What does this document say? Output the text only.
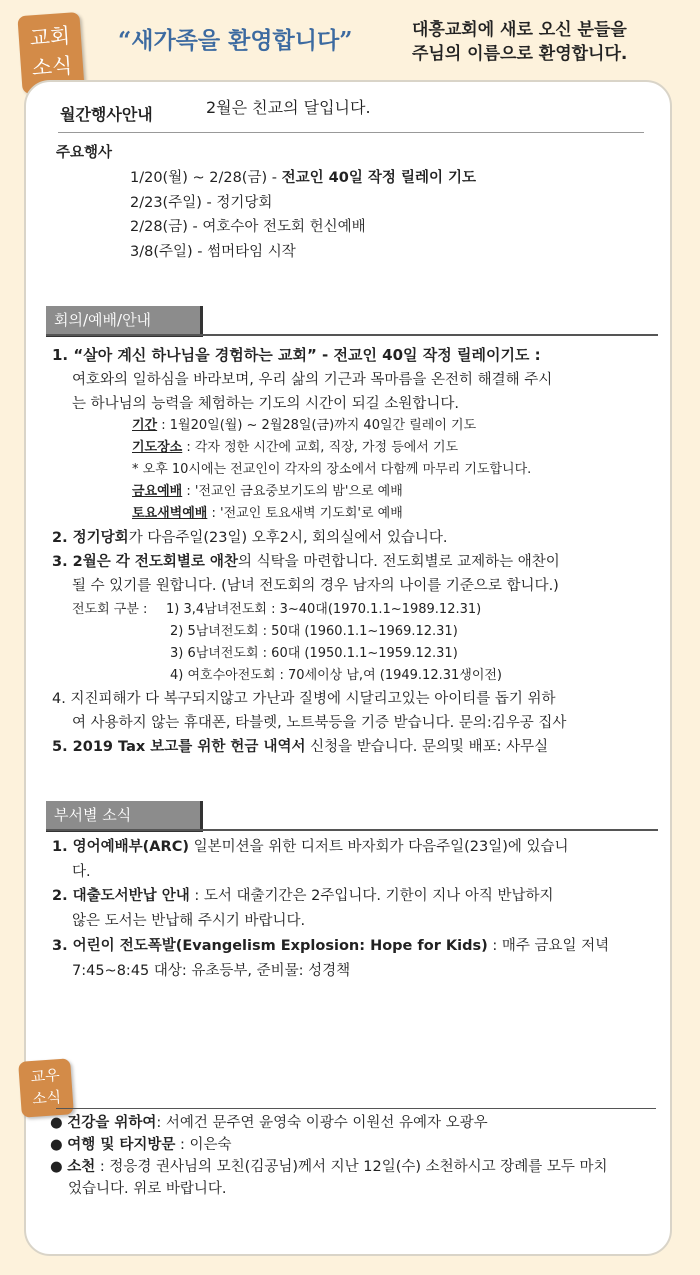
교회
소식
“새가족을 환영합니다”	대흥교회에 새로 오신 분들을
주님의 이름으로 환영합니다.
월간행사안내	2월은 친교의 달입니다.
주요행사
1/20(월) ~ 2/28(금) - 전교인 40일 작정 릴레이 기도
2/23(주일) - 정기당회
2/28(금) - 여호수아 전도회 헌신예배
3/8(주일) - 썸머타임 시작
회의/예배/안내
1. “살아 계신 하나님을 경험하는 교회” - 전교인 40일 작정 릴레이기도 :
여호와의 일하심을 바라보며, 우리 삶의 기근과 목마름을 온전히 해결해 주시
는 하나님의 능력을 체험하는 기도의 시간이 되길 소원합니다.
기간 : 1월20일(월) ~ 2월28일(금)까지 40일간 릴레이 기도
기도장소 : 각자 정한 시간에 교회, 직장, 가정 등에서 기도
* 오후 10시에는 전교인이 각자의 장소에서 다함께 마무리 기도합니다.
금요예배 : '전교인 금요중보기도의 밤'으로 예배
토요새벽예배 : '전교인 토요새벽 기도회'로 예배
2. 정기당회가 다음주일(23일) 오후2시, 회의실에서 있습니다.
3. 2월은 각 전도회별로 애찬의 식탁을 마련합니다. 전도회별로 교제하는 애찬이
될 수 있기를 원합니다. (남녀 전도회의 경우 남자의 나이를 기준으로 합니다.)
전도회 구분 : 1) 3,4남녀전도회 : 3~40대(1970.1.1~1989.12.31)
2) 5남녀전도회 : 50대 (1960.1.1~1969.12.31)
3) 6남녀전도회 : 60대 (1950.1.1~1959.12.31)
4) 여호수아전도회 : 70세이상 남,여 (1949.12.31생이전)
4. 지진피해가 다 복구되지않고 가난과 질병에 시달리고있는 아이티를 돕기 위하
여 사용하지 않는 휴대폰, 타블렛, 노트북등을 기증 받습니다. 문의:김우공 집사
5. 2019 Tax 보고를 위한 헌금 내역서 신청을 받습니다. 문의및 배포: 사무실
부서별 소식
1. 영어예배부(ARC) 일본미션을 위한 디저트 바자회가 다음주일(23일)에 있습니
다.
2. 대출도서반납 안내 : 도서 대출기간은 2주입니다. 기한이 지나 아직 반납하지
않은 도서는 반납해 주시기 바랍니다.
3. 어린이 전도폭발(Evangelism Explosion: Hope for Kids) : 매주 금요일 저녁
7:45~8:45 대상: 유초등부, 준비물: 성경책
교우
소식
● 건강을 위하여: 서예건 문주연 윤영숙 이광수 이원선 유예자 오광우
● 여행 및 타지방문 : 이은숙
● 소천 : 정응경 권사님의 모친(김공님)께서 지난 12일(수) 소천하시고 장례를 모두 마치
었습니다. 위로 바랍니다.
